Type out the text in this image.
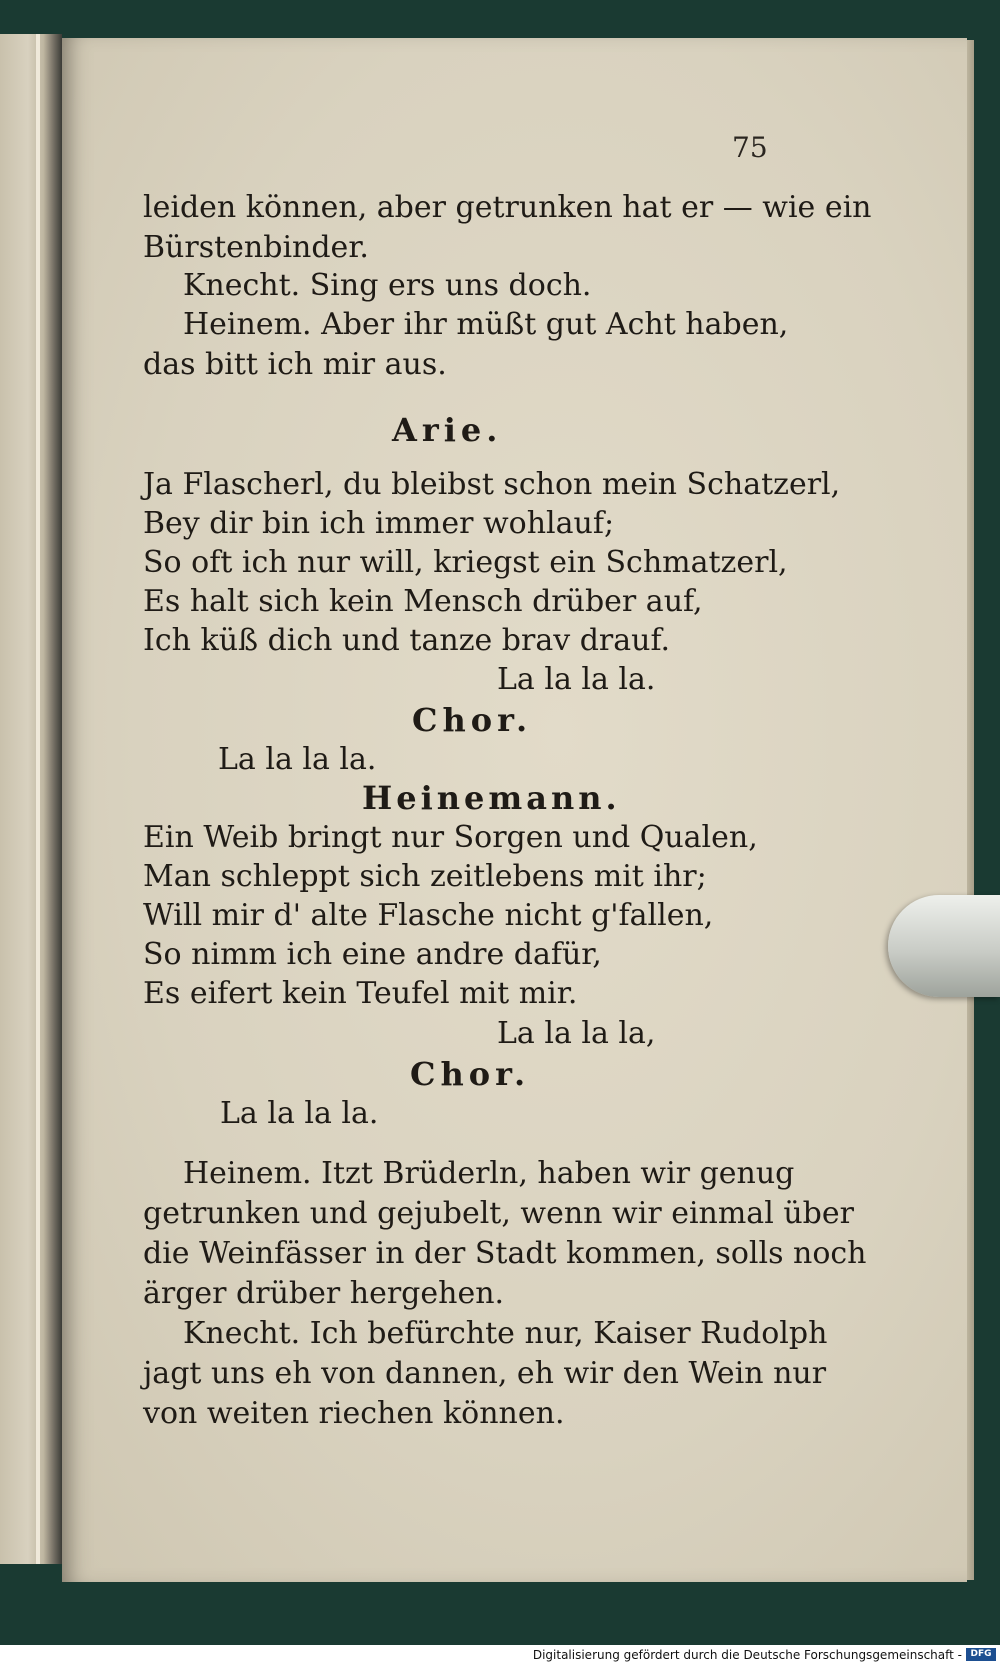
75
leiden können, aber getrunken hat er — wie ein
Bürstenbinder.
Knecht. Sing ers uns doch.
Heinem. Aber ihr müßt gut Acht haben,
das bitt ich mir aus.
Arie.
Ja Flascherl, du bleibst schon mein Schatzerl,
Bey dir bin ich immer wohlauf;
So oft ich nur will, kriegst ein Schmatzerl,
Es halt sich kein Mensch drüber auf,
Ich küß dich und tanze brav drauf.
La la la la.
Chor.
La la la la.
Heinemann.
Ein Weib bringt nur Sorgen und Qualen,
Man schleppt sich zeitlebens mit ihr;
Will mir d' alte Flasche nicht g'fallen,
So nimm ich eine andre dafür,
Es eifert kein Teufel mit mir.
La la la la,
Chor.
La la la la.
Heinem. Itzt Brüderln, haben wir genug
getrunken und gejubelt, wenn wir einmal über
die Weinfässer in der Stadt kommen, solls noch
ärger drüber hergehen.
Knecht. Ich befürchte nur, Kaiser Rudolph
jagt uns eh von dannen, eh wir den Wein nur
von weiten riechen können.
Digitalisierung gefördert durch die Deutsche Forschungsgemeinschaft - DFG
